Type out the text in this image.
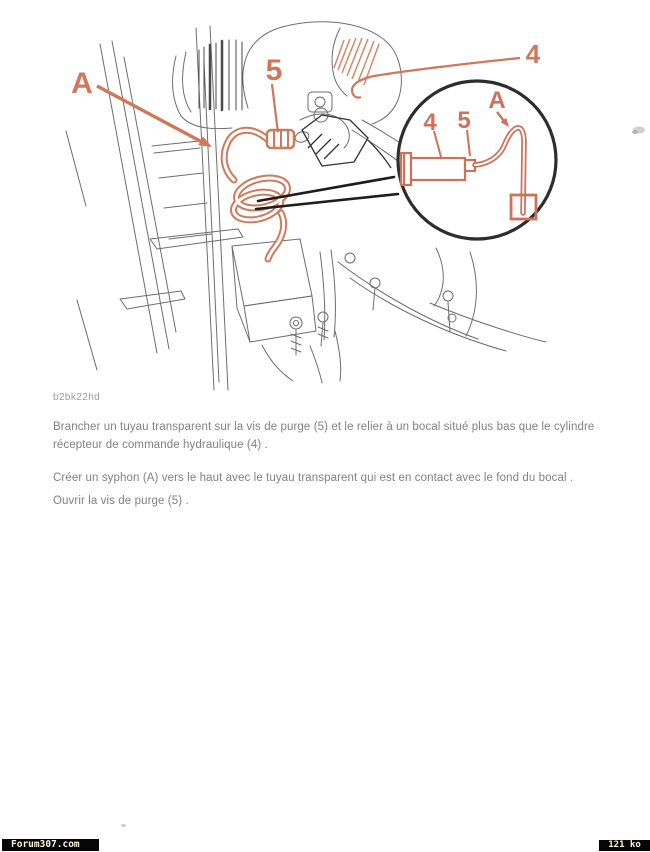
4 5
A
A	5	4
b2bk22hd
Brancher un tuyau transparent sur la vis de purge (5) et le relier à un bocal situé plus bas que le cylindre
récepteur de commande hydraulique (4) .
Créer un syphon (A) vers le haut avec le tuyau transparent qui est en contact avec le fond du bocal .
Ouvrir la vis de purge (5) .
Forum307.com	121 ko
